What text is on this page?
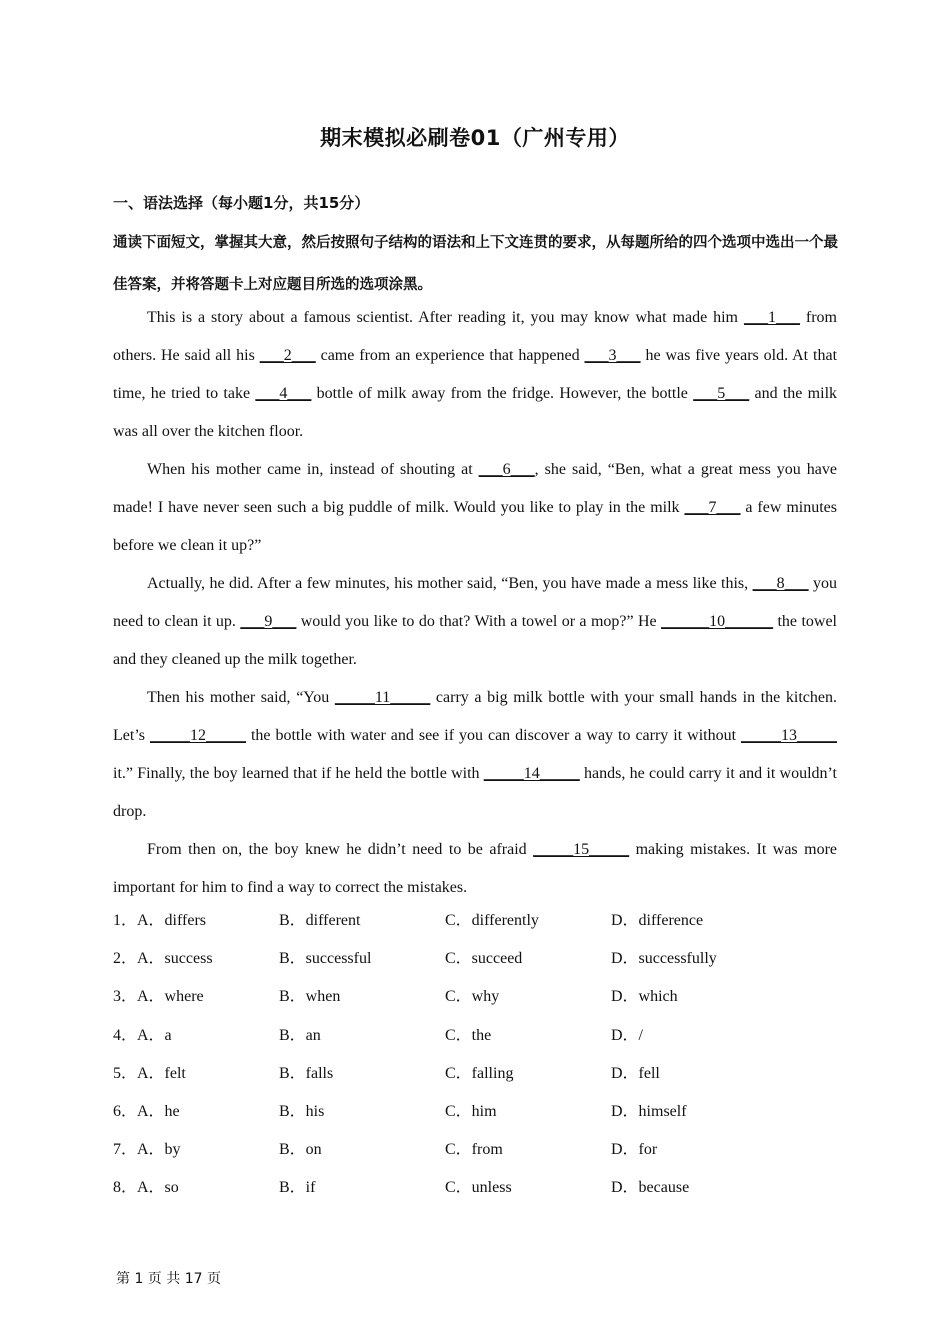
期末模拟必刷卷01（广州专用）
一、语法选择（每小题1分，共15分）
通读下面短文，掌握其大意，然后按照句子结构的语法和上下文连贯的要求，从每题所给的四个选项中选出一个最佳答案，并将答题卡上对应题目所选的选项涂黑。

This is a story about a famous scientist. After reading it, you may know what made him ___1___ from others. He said all his ___2___ came from an experience that happened ___3___ he was five years old. At that time, he tried to take ___4___ bottle of milk away from the fridge. However, the bottle ___5___ and the milk was all over the kitchen floor.

When his mother came in, instead of shouting at ___6___, she said, “Ben, what a great mess you have made! I have never seen such a big puddle of milk. Would you like to play in the milk ___7___ a few minutes before we clean it up?”

Actually, he did. After a few minutes, his mother said, “Ben, you have made a mess like this, ___8___ you need to clean it up. ___9___ would you like to do that? With a towel or a mop?” He ______10______ the towel and they cleaned up the milk together.

Then his mother said, “You _____11_____ carry a big milk bottle with your small hands in the kitchen. Let’s _____12_____ the bottle with water and see if you can discover a way to carry it without _____13_____ it.” Finally, the boy learned that if he held the bottle with _____14_____ hands, he could carry it and it wouldn’t drop.

From then on, the boy knew he didn’t need to be afraid _____15_____ making mistakes. It was more important for him to find a way to correct the mistakes.

1．A．differs	B．different	C．differently	D．difference
2．A．success	B．successful	C．succeed	D．successfully
3．A．where	B．when	C．why	D．which
4．A．a	B．an	C．the	D．/
5．A．felt	B．falls	C．falling	D．fell
6．A．he	B．his	C．him	D．himself
7．A．by	B．on	C．from	D．for
8．A．so	B．if	C．unless	D．because
第 1 页 共 17 页
